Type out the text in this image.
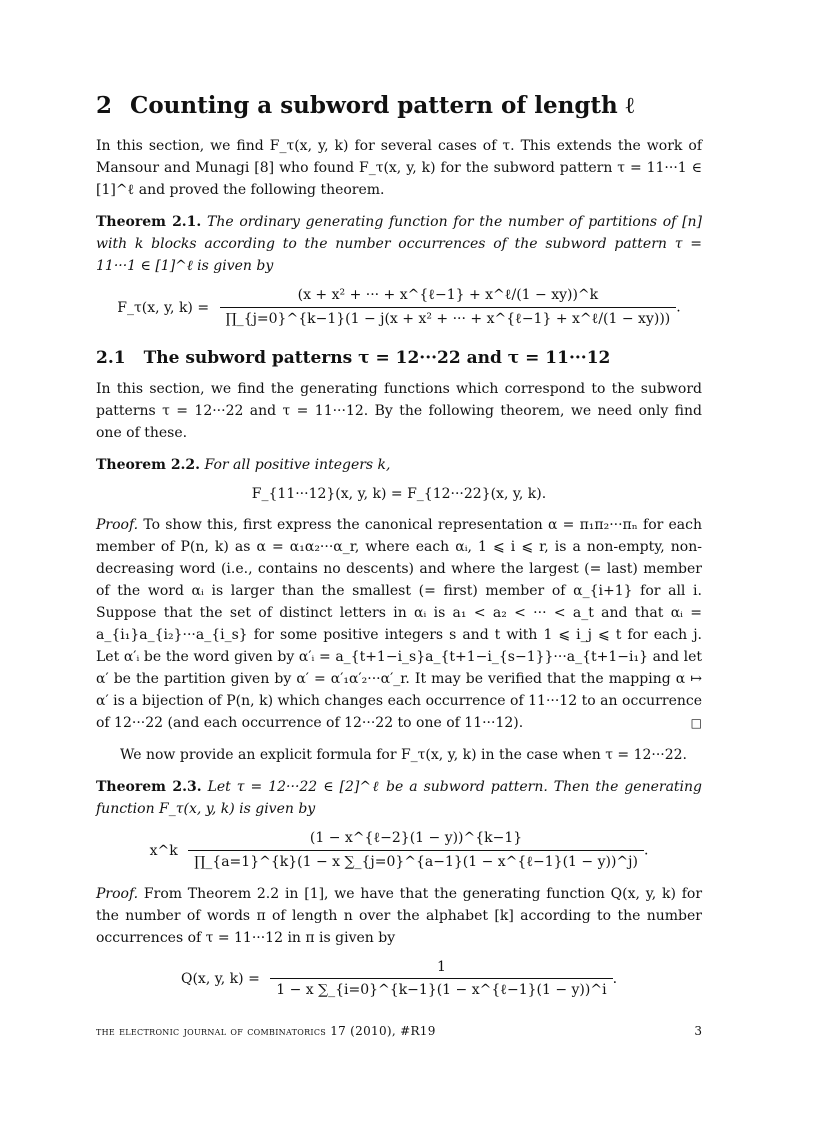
2 Counting a subword pattern of length ℓ

In this section, we find F_τ(x, y, k) for several cases of τ. This extends the work of Mansour and Munagi [8] who found F_τ(x, y, k) for the subword pattern τ = 11···1 ∈ [1]^ℓ and proved the following theorem.

Theorem 2.1. The ordinary generating function for the number of partitions of [n] with k blocks according to the number occurrences of the subword pattern τ = 11···1 ∈ [1]^ℓ is given by

F_τ(x, y, $k) = \frac{\text{(x + x² + ··· + x\textasciicircum{}\{ℓ−1\} + x\textasciicircum{}ℓ/(1 − xy))\textasciicircum{}k}}{\text{∏\_\{j=0\}\textasciicircum{}\{k−1\}(1 − j(x + x² + ··· + x\textasciicircum{}\{ℓ−1\} + x\textasciicircum{}ℓ/(1 − xy)))}}$ .
2.1 The subword patterns τ = 12···22 and τ = 11···12

In this section, we find the generating functions which correspond to the subword patterns τ = 12···22 and τ = 11···12. By the following theorem, we need only find one of these.

Theorem 2.2. For all positive integers k,

F_{11···12}(x, y, k) = F_{12···22}(x, y, k).

Proof. To show this, first express the canonical representation α = π₁π₂···πₙ for each member of P(n, k) as α = α₁α₂···α_r, where each αᵢ, 1 ⩽ i ⩽ r, is a non-empty, non-decreasing word (i.e., contains no descents) and where the largest (= last) member of the word αᵢ is larger than the smallest (= first) member of α_{i+1} for all i. Suppose that the set of distinct letters in αᵢ is a₁ < a₂ < ··· < a_t and that αᵢ = a_{i₁}a_{i₂}···a_{i_s} for some positive integers s and t with 1 ⩽ i_j ⩽ t for each j. Let α′ᵢ be the word given by α′ᵢ = a_{t+1−i_s}a_{t+1−i_{s−1}}···a_{t+1−i₁} and let α′ be the partition given by α′ = α′₁α′₂···α′_r. It may be verified that the mapping α ↦ α′ is a bijection of P(n, k) which changes each occurrence of 11···12 to an occurrence of 12···22 (and each occurrence of 12···22 to one of 11···12).	□

We now provide an explicit formula for F_τ(x, y, k) in the case when τ = 12···22.

Theorem 2.3. Let τ = 12···22 ∈ [2]^ℓ be a subword pattern. Then the generating function F_τ(x, y, k) is given by

x^k $\frac{\text{(1 − x\textasciicircum{}\{ℓ−2\}(1 − y))\textasciicircum{}\{k−1\}}}{\text{∏\_\{a=1\}\textasciicircum{}\{k\}(1 − x ∑\_\{j=0\}\textasciicircum{}\{a−1\}(1 − x\textasciicircum{}\{ℓ−1\}(1 − y))\textasciicircum{}j)}}$ .

Proof. From Theorem 2.2 in [1], we have that the generating function Q(x, y, k) for the number of words π of length n over the alphabet [k] according to the number occurrences of τ = 11···12 in π is given by

Q(x, y, $k) = \frac{1}{\text{1 − x ∑\_\{i=0\}\textasciicircum{}\{k−1\}(1 − x\textasciicircum{}\{ℓ−1\}(1 − y))\textasciicircum{}i}}$ .
the electronic journal of combinatorics 17 (2010), #R19	3
